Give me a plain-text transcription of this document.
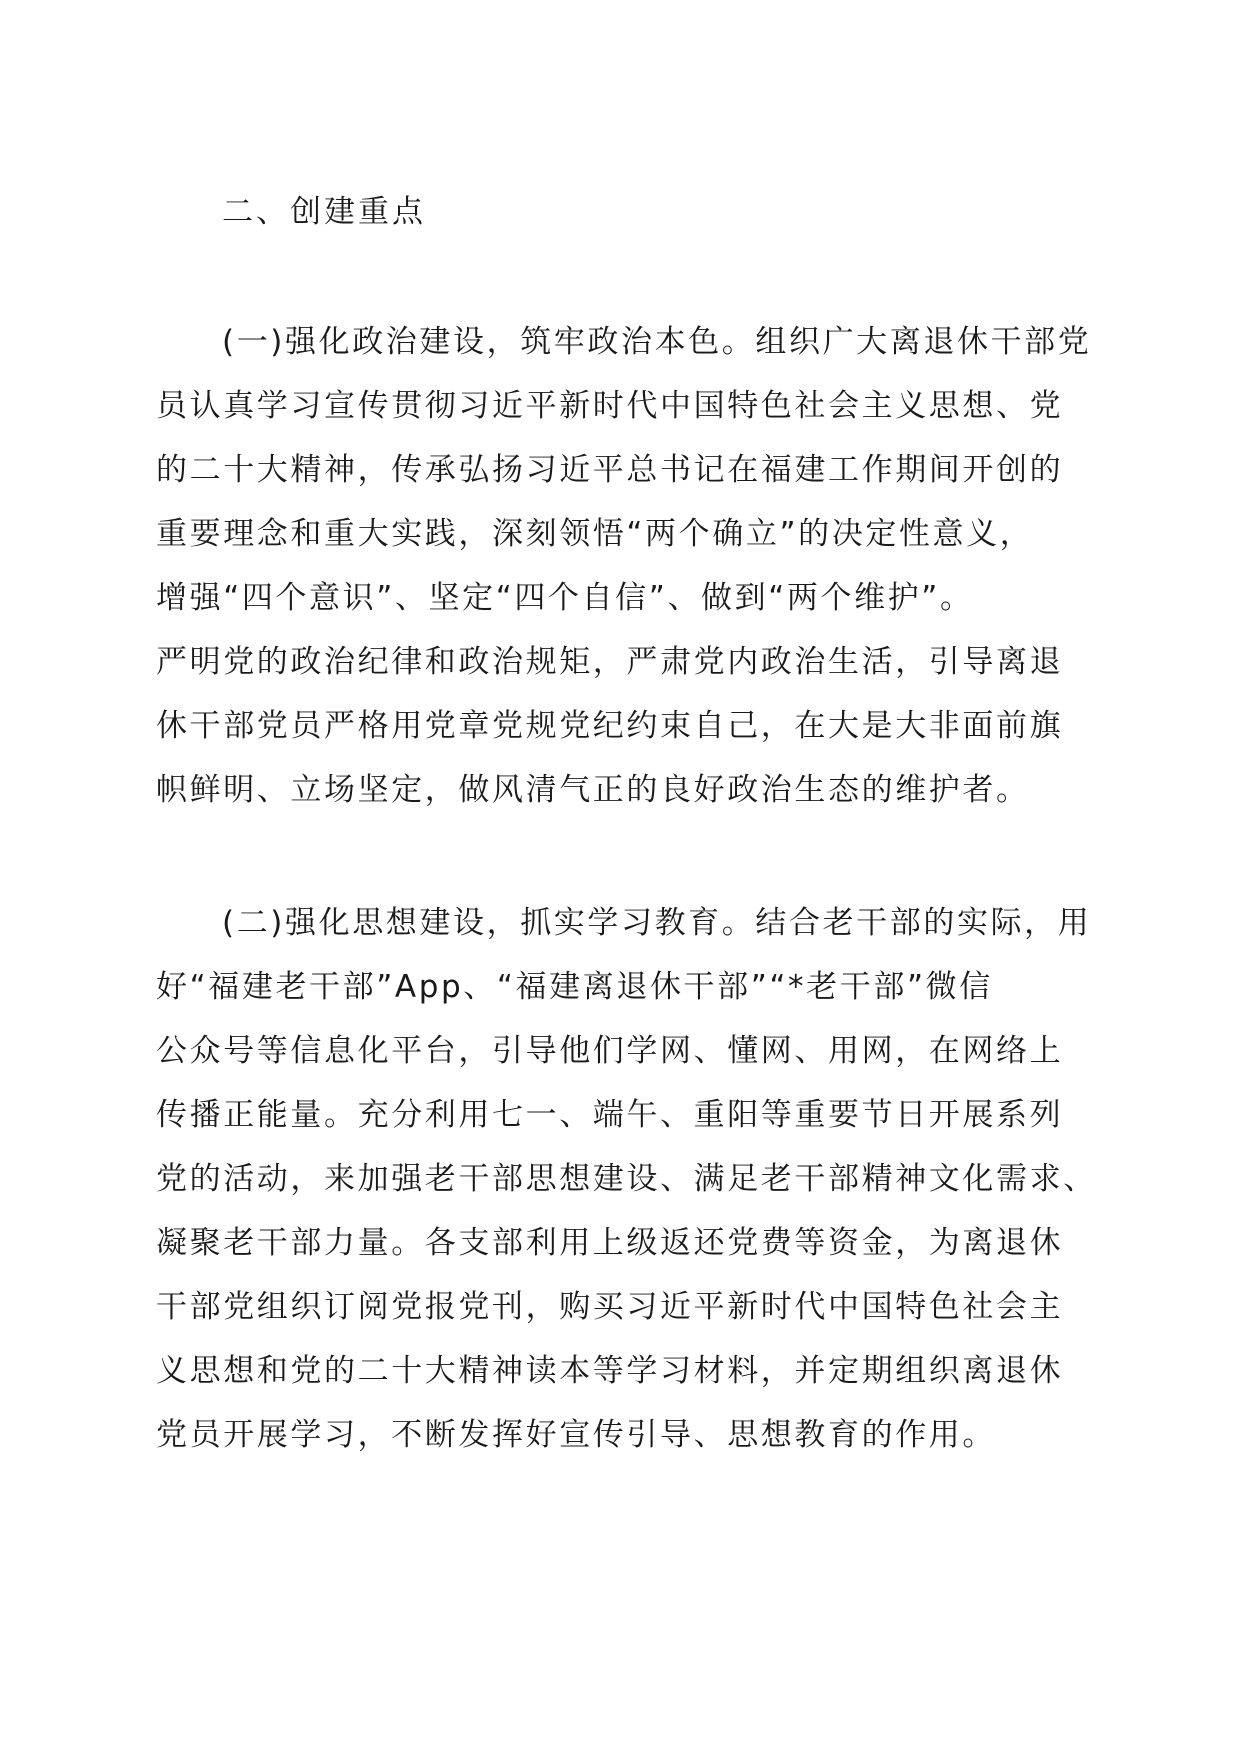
二、创建重点
(一)强化政治建设，筑牢政治本色。组织广大离退休干部党
员认真学习宣传贯彻习近平新时代中国特色社会主义思想、党
的二十大精神，传承弘扬习近平总书记在福建工作期间开创的
重要理念和重大实践，深刻领悟“两个确立”的决定性意义，
增强“四个意识”、坚定“四个自信”、做到“两个维护”。
严明党的政治纪律和政治规矩，严肃党内政治生活，引导离退
休干部党员严格用党章党规党纪约束自己，在大是大非面前旗
帜鲜明、立场坚定，做风清气正的良好政治生态的维护者。
(二)强化思想建设，抓实学习教育。结合老干部的实际，用
好“福建老干部”App、“福建离退休干部”“*老干部”微信
公众号等信息化平台，引导他们学网、懂网、用网，在网络上
传播正能量。充分利用七一、端午、重阳等重要节日开展系列
党的活动，来加强老干部思想建设、满足老干部精神文化需求、
凝聚老干部力量。各支部利用上级返还党费等资金，为离退休
干部党组织订阅党报党刊，购买习近平新时代中国特色社会主
义思想和党的二十大精神读本等学习材料，并定期组织离退休
党员开展学习，不断发挥好宣传引导、思想教育的作用。
